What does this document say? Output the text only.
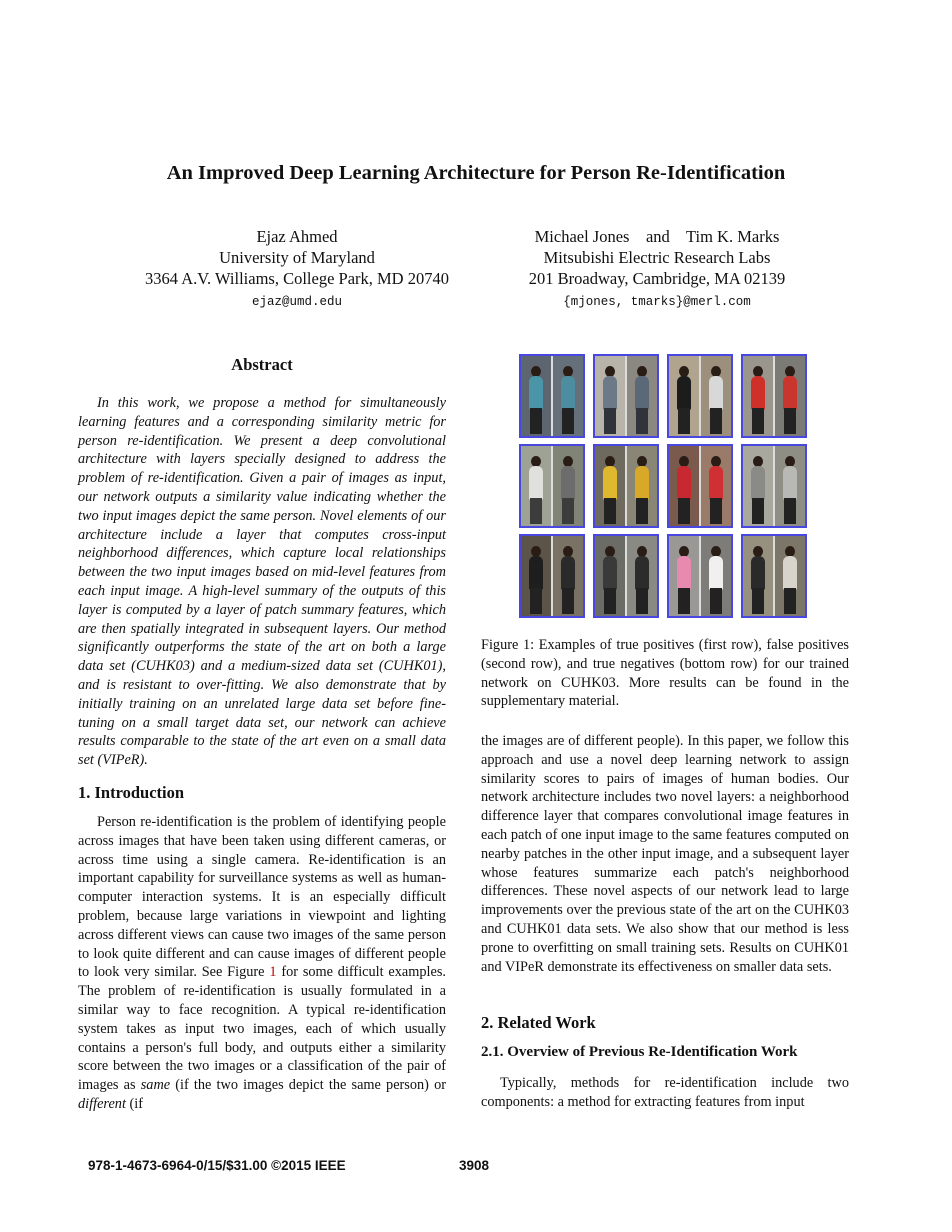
An Improved Deep Learning Architecture for Person Re-Identification
Ejaz Ahmed
University of Maryland
3364 A.V. Williams, College Park, MD 20740
ejaz@umd.edu
Michael Jones    and    Tim K. Marks
Mitsubishi Electric Research Labs
201 Broadway, Cambridge, MA 02139
{mjones, tmarks}@merl.com
Abstract

In this work, we propose a method for simultaneously learning features and a corresponding similarity metric for person re-identification. We present a deep convolutional architecture with layers specially designed to address the problem of re-identification. Given a pair of images as input, our network outputs a similarity value indicating whether the two input images depict the same person. Novel elements of our architecture include a layer that computes cross-input neighborhood differences, which capture local relationships between the two input images based on mid-level features from each input image. A high-level summary of the outputs of this layer is computed by a layer of patch summary features, which are then spatially integrated in subsequent layers. Our method significantly outperforms the state of the art on both a large data set (CUHK03) and a medium-sized data set (CUHK01), and is resistant to over-fitting. We also demonstrate that by initially training on an unrelated large data set before fine-tuning on a small target data set, our network can achieve results comparable to the state of the art even on a small data set (VIPeR).

1. Introduction

Person re-identification is the problem of identifying people across images that have been taken using different cameras, or across time using a single camera. Re-identification is an important capability for surveillance systems as well as human-computer interaction systems. It is an especially difficult problem, because large variations in viewpoint and lighting across different views can cause two images of the same person to look quite different and can cause images of different people to look very similar. See Figure 1 for some difficult examples. The problem of re-identification is usually formulated in a similar way to face recognition. A typical re-identification system takes as input two images, each of which usually contains a person's full body, and outputs either a similarity score between the two images or a classification of the pair of images as same (if the two images depict the same person) or different (if

Figure 1: Examples of true positives (first row), false positives (second row), and true negatives (bottom row) for our trained network on CUHK03. More results can be found in the supplementary material.

the images are of different people). In this paper, we follow this approach and use a novel deep learning network to assign similarity scores to pairs of images of human bodies. Our network architecture includes two novel layers: a neighborhood difference layer that compares convolutional image features in each patch of one input image to the same features computed on nearby patches in the other input image, and a subsequent layer whose features summarize each patch's neighborhood differences. These novel aspects of our network lead to large improvements over the previous state of the art on the CUHK03 and CUHK01 data sets. We also show that our method is less prone to overfitting on small training sets. Results on CUHK01 and VIPeR demonstrate its effectiveness on smaller data sets.

2. Related Work
2.1. Overview of Previous Re-Identification Work

Typically, methods for re-identification include two components: a method for extracting features from input

978-1-4673-6964-0/15/$31.00 ©2015 IEEE	3908
